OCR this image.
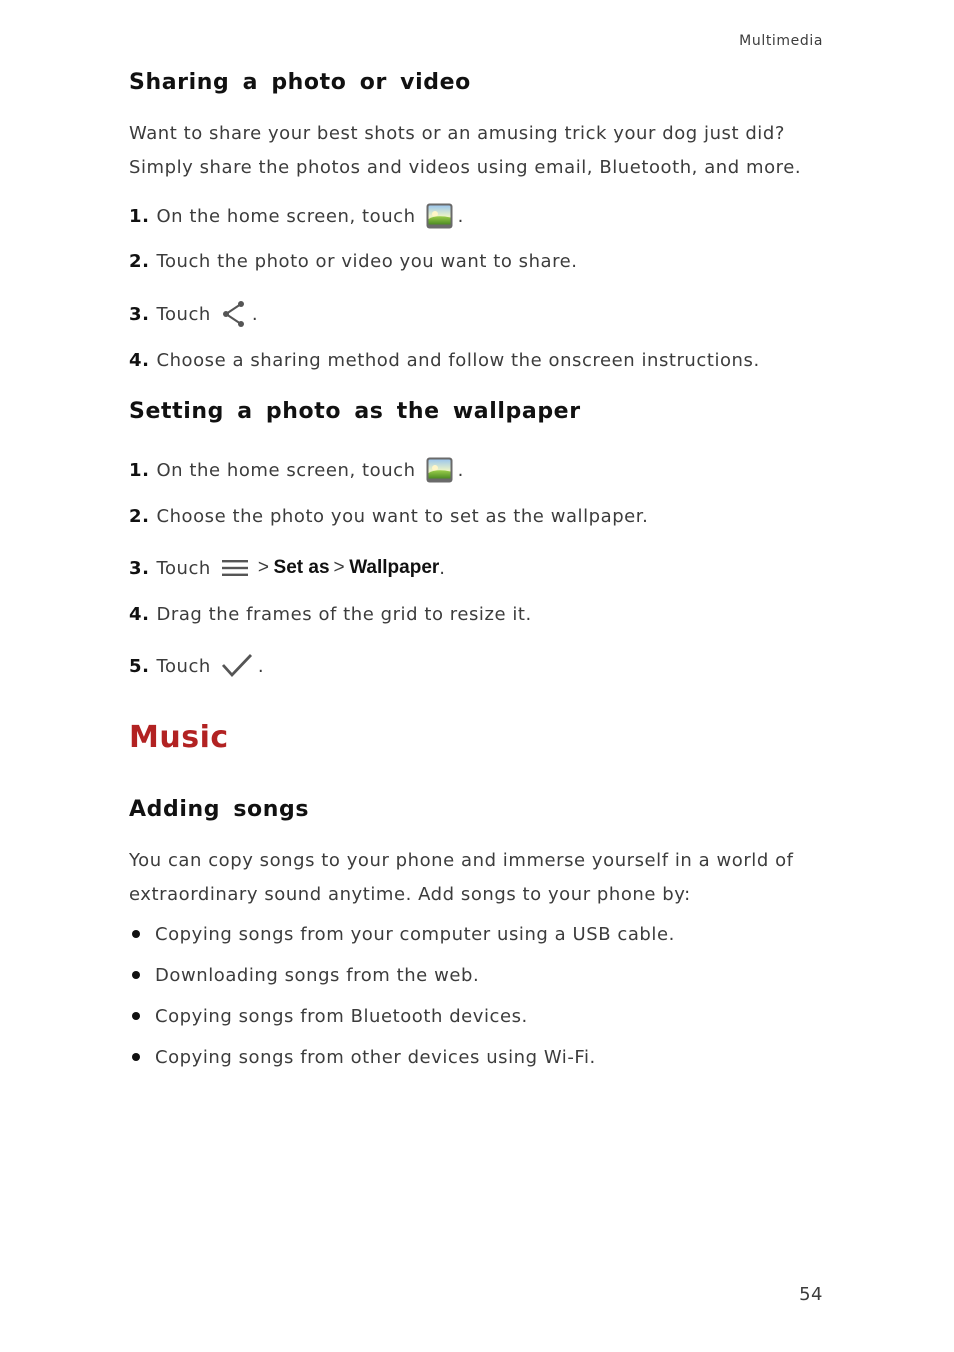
Multimedia
Sharing a photo or video

Want to share your best shots or an amusing trick your dog just did? Simply share the photos and videos using email, Bluetooth, and more.

1. On the home screen, touch .
2. Touch the photo or video you want to share.
3. Touch .
4. Choose a sharing method and follow the onscreen instructions.
Setting a photo as the wallpaper
1. On the home screen, touch .
2. Choose the photo you want to set as the wallpaper.
3. Touch > Set as > Wallpaper .
4. Drag the frames of the grid to resize it.
5. Touch	.
Music
Adding songs

You can copy songs to your phone and immerse yourself in a world of extraordinary sound anytime. Add songs to your phone by:

Copying songs from your computer using a USB cable.
Downloading songs from the web.
Copying songs from Bluetooth devices.
Copying songs from other devices using Wi-Fi.
54
